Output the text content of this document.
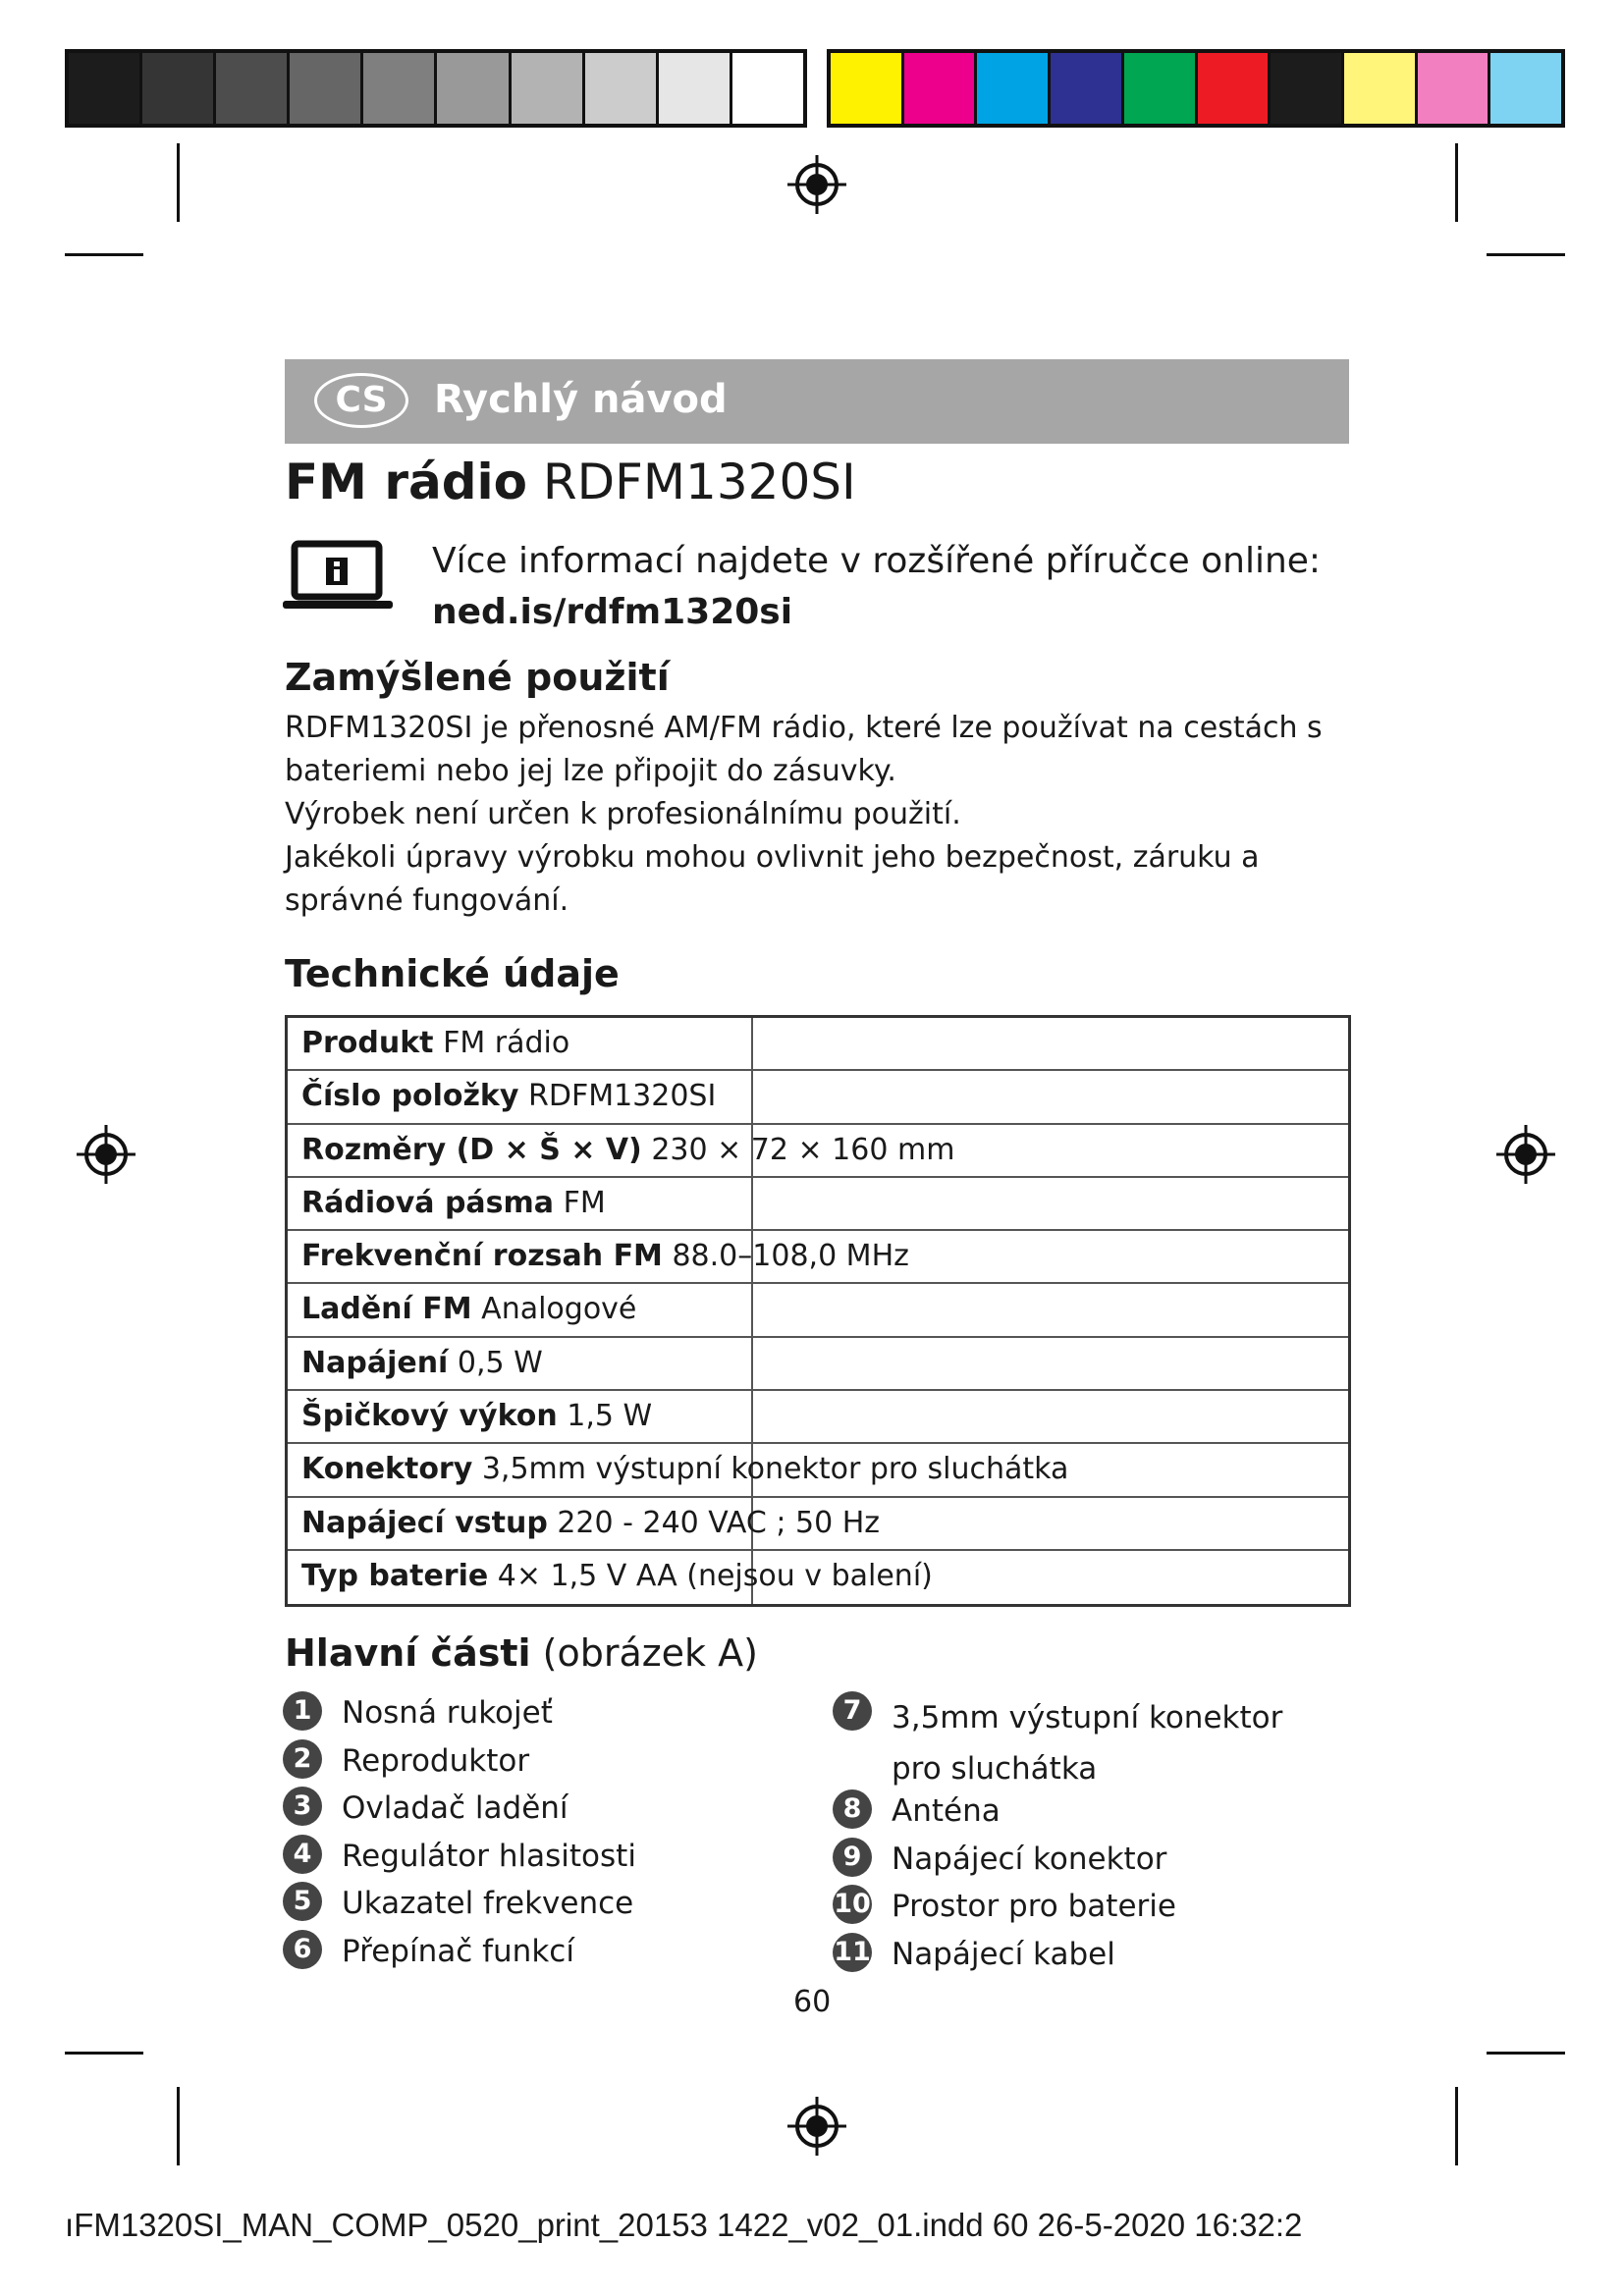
CS	Rychlý návod
FM rádio RDFM1320SI
Více informací najdete v rozšířené příručce online:
ned.is/rdfm1320si
Zamýšlené použití

RDFM1320SI je přenosné AM/FM rádio, které lze používat na cestách s bateriemi nebo jej lze připojit do zásuvky.

Výrobek není určen k profesionálnímu použití.

Jakékoli úpravy výrobku mohou ovlivnit jeho bezpečnost, záruku a správné fungování.

Technické údaje
Produkt FM rádio
Číslo položky RDFM1320SI
Rozměry (D × Š × V) 230 × 72 × 160 mm
Rádiová pásma FM
Frekvenční rozsah FM 88.0–108,0 MHz
Ladění FM Analogové
Napájení 0,5 W
Špičkový výkon 1,5 W
Konektory 3,5mm výstupní konektor pro sluchátka
Napájecí vstup 220 - 240 VAC ; 50 Hz
Typ baterie 4× 1,5 V AA (nejsou v balení)
Hlavní části (obrázek A)
1 Nosná rukojeť
2 Reproduktor
3 Ovladač ladění
4 Regulátor hlasitosti
5 Ukazatel frekvence
6 Přepínač funkcí
7 3,5mm výstupní konektor pro sluchátka
8 Anténa
9 Napájecí konektor
10 Prostor pro baterie
11 Napájecí kabel
60
ıFM1320SI_MAN_COMP_0520_print_20153 1422_v02_01.indd 60 26-5-2020 16:32:2
